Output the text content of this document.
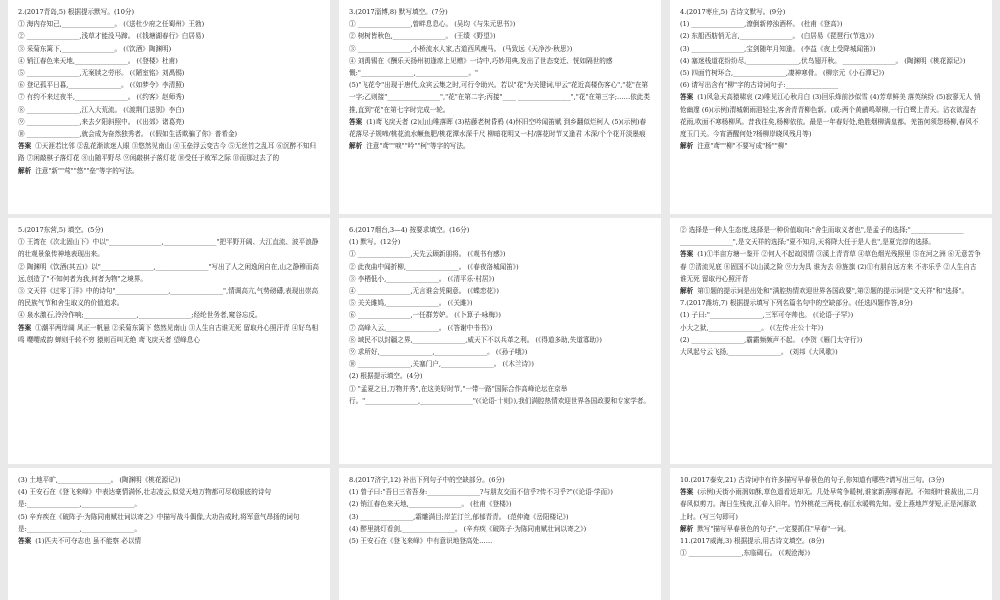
2.(2017青岛,5) 根据提示默写。(10分)
① 海内存知己,________________。 (《送杜少府之任蜀州》王勃)
② ________________,浅草才能没马蹄。 (《钱塘湖春行》白居易)
③ 采菊东篱下,________________。 (《饮酒》陶渊明)
④ 销江春色来天地,________________。 (《登楼》杜甫)
⑤ ________________,无案牍之劳形。 (《陋室铭》刘禹锡)
⑥ 登记孤平日暮,________________。 (《如梦令》李清照)
⑦ 有约不来过夜半,________________。 (《约客》赵师秀)
⑧ ________________,江入大荒流。 (《渡荆门送别》李白)
⑨ ________________,来去夕阳斜照中。 (《出郊》诸葛亮)
⑩ ________________,就会成为奋然独秀者。 (《假如生活欺骗了你》普希金)
答案 ①天涯若比邻 ②乱花渐欲迷人眼 ③悠然见南山 ④玉垒浮云变古今 ⑤无丝竹之乱耳 ⑥沉醉不知归路 ⑦闲敲棋子落灯花 ⑧山随平野尽 ⑨闲敲棋子落灯花 ⑩受任于败军之际 ⑪而那过去了的
解析 注意"新""莺""悠""垒"等字的写法。
3.(2017淄博,8) 默写填空。(7分)
① ________________,曾畔息息心。 (吴均《与朱元思书》)
② 树树皆秋色,________________。 (王绩《野望》)
③ ________________,小桥流水人家,古道西风瘦马。 (马致远《天净沙·秋思》)
④ 刘禹锡在《酬乐天扬州初逢席上见赠》一诗中,巧妙用典,发出了世态变迁、恍如隔世的感慨:"________________,________________。"
(5)"飞花令"出现于唐代,众宾云集之时,可行令助兴。若以"花"为关键词,甲云"花近高楼伤客心","花"在第一字;乙则接"________________","花"在第二字;丙接"____ ________________","花"在第三字;……依此类推,直到"花"在第七字时完成一轮。
答案 (1)鸢飞戾天者 (2)山山唯落晖 (3)枯藤老树昏鸦 (4)怀旧空吟闻笛赋 到乡翻似烂柯人 (5)(示例)春花落尽子规啼/桃花流水鳜鱼肥/桃花潭水深千尺 柳暗花明又一村/落花时节又逢君 木深/个个花开淡墨痕
解析 注意"鸢""唳""吟""柯"等字的写法。
4.(2017枣庄,5) 古诗文默写。(9分)
(1) ________________,潦倒新停浊酒杯。 (杜甫《登高》)
(2) 东船西舫悄无言,________________。 (白居易《琵琶行(节选)》)
(3) ________________,宝剑随年月知逢。 (李益《夜上受降城闻笛》)
(4) 塞迷栈道花纷纷尽,________________,伏鸟翅开秋。 ________________。 (陶渊明《桃花源记》)
(5) 四面竹树环合,________________,凄神寒骨。 (柳宗元《小石潭记》)
(6) 请写出含有"柳"字的古诗词句子:________________
答案 (1)风急天高猿啸哀 (2)唯见江心秋月白 (3)回乐烽前沙似雪 (4)芳草鲜美 落英缤纷 (5)寂寥无人 悄怆幽邃 (6)(示例)渭城朝雨浥轻尘,客舍青青柳色新。(或:两个黄鹂鸣翠柳,一行白鹭上青天。沾衣欲湿杏花雨,吹面不寒杨柳风。昔我往矣,杨柳依依。最是一年春好处,绝胜烟柳满皇都。羌笛何须怨杨柳,春风不度玉门关。今宵酒醒何处?杨柳岸晓风残月等)
解析 注意"鸢""柳"不要写成"杨""柳"
5.(2017东营,5) 填空。(5分)
① 王湾在《次北固山下》中以"________________,________________"把平野开阔、大江直流、波平浪静的壮观景象传神地表现出来。
② 陶渊明《饮酒(其五)》以"________________,________________"写出了人之闲逸闲自在,山之静穆而高远,创造了"不知何者为我,何者为物"之境界。
③ 文天祥《过零丁洋》中的诗句"________________,________________",情调高亢,气势磅礴,表现出崇高的民族气节和舍生取义的价值追求。
④ 泉水激石,泠泠作响;________________,________________;经纶世务者,窥谷忘反。
答案 ①潮平两岸阔 风正一帆悬 ②采菊东篱下 悠然见南山 ③人生自古谁无死 留取丹心照汗青 ④好鸟相鸣 嘤嘤成韵 蝉则千转不穷 猿则百叫无绝 鸢飞戾天者 望峰息心
6.(2017烟台,3—4) 按要求填空。(16分)
(1) 默写。(12分)
① ________________,天先云顾新朋将。 (《观书有感》)
② 此夜曲中闻折柳,________________。 (《春夜洛城闻笛》)
③ 李栖低小,________________。 (《清平乐·村居》)
④ ________________,无言谁会凭阑意。 (《蝶恋花》)
⑤ 关关雎鸠,________________。 (《关雎》)
⑥ ________________,一任群芳妒。 (《卜算子·咏梅》)
⑦ 高峰入云,________________。 (《答谢中书书》)
⑧ 域民不以封疆之界,________________,威天下不以兵革之利。 (《得道多助,失道寡助》)
⑨ 求所好,________________,________________。 (《孙子哦》)
⑩ ________________,关塞门户,________________。 (《木兰诗》)
(2) 根据提示填空。(4分)
① "孟夏之日,万物并秀",在这美好时节,"一带一路"国际合作高峰论坛在京举行。"________________,________________"(《论语·十则》),我们满腔热情欢迎世界各国政要和专家学者。
② 选择是一种人生态度,选择是一种价值取向:"舍生而取义者也",是孟子的选择;"________________ ________________",是文天祥的选择;"夏不知月,天将降大任于是人也",是夏完淳的选择。
答案 (1)①半亩方塘一鉴开 ②何人不起故园情 ③溪上青青草 ④草色烟光残照里 ⑤在河之洲 ⑥无意苦争春 ⑦清流见底 ⑧固国不以山溪之险 ⑨力为具 谁为去 ⑩旌旗 (2)①有朋自远方来 不亦乐乎 ②人生自古谁无死 留取丹心照汗青
解析 第①题的提示词是出处和"满腔热情欢迎世界各国政要",第②题的提示词是"文天祥"和"选择"。
7.(2017潍坊,7) 根据提示填写下列名篇名句中的空缺部分。(任选四题作答,8分)
(1) 子曰:"________________,三军可夺帅也。 (《论语·子罕》)
小大之狱,________________。 (《左传·庄公十年》)
(2) ________________,霸霸频频声不起。 (李贺《雁门太守行》)
大风起兮云飞扬,________________。 (刘邦《大风歌》)
(3) 土地平旷,________________。 (陶渊明《桃花源记》)
(4) 王安石在《登飞来峰》中表达豪情满怀,壮志凌云,似觉天地万物都可尽收眼底的诗句是:________________,________________。
(5) 辛弃疾在《破阵子·为陈同甫赋壮词以寄之》中描写战斗偶像,大功告成时,将军意气昂扬的词句是:________________,________________。
答案 (1)匹夫不可夺志也 虽不能察 必以情
8.(2017济宁,12) 补出下列句子中的空缺部分。(6分)
(1) 曾子曰:"吾日三省吾身:________________?与朋友交而不信乎?传不习乎?"(《论语·学而》)
(2) 销江春色来天地,________________。 (杜甫《登楼》)
(3) ________________,霜雕满目;岸芷汀兰,郁郁青青。 (范仲淹《岳阳楼记》)
(4) 醉里挑灯看剑,________________。 (辛弃疾《破阵子·为陈同甫赋壮词以寄之》)
(5) 王安石在《登飞来峰》中有意识地登高处……
10.(2017泰安,21) 古诗词中有许多描写早春景色的句子,你知道有哪些?请写出三句。(3分)
答案 (示例)天街小雨润如酥,草色遥看近却无。几处早莺争暖树,谁家新燕啄春泥。不知细叶谁裁出,二月春风似剪刀。海日生残夜,江春入旧年。竹外桃花三两枝,春江水暖鸭先知。爱上燕地芦芽短,正是河豚欲上时。(写三句即可)
解析 默写"描写早春景色的句子",一定要抓住"早春"一词。
11.(2017威海,3) 根据提示,用古诗文填空。(8分)
① ________________,东临碣石。 (《观沧海》)
